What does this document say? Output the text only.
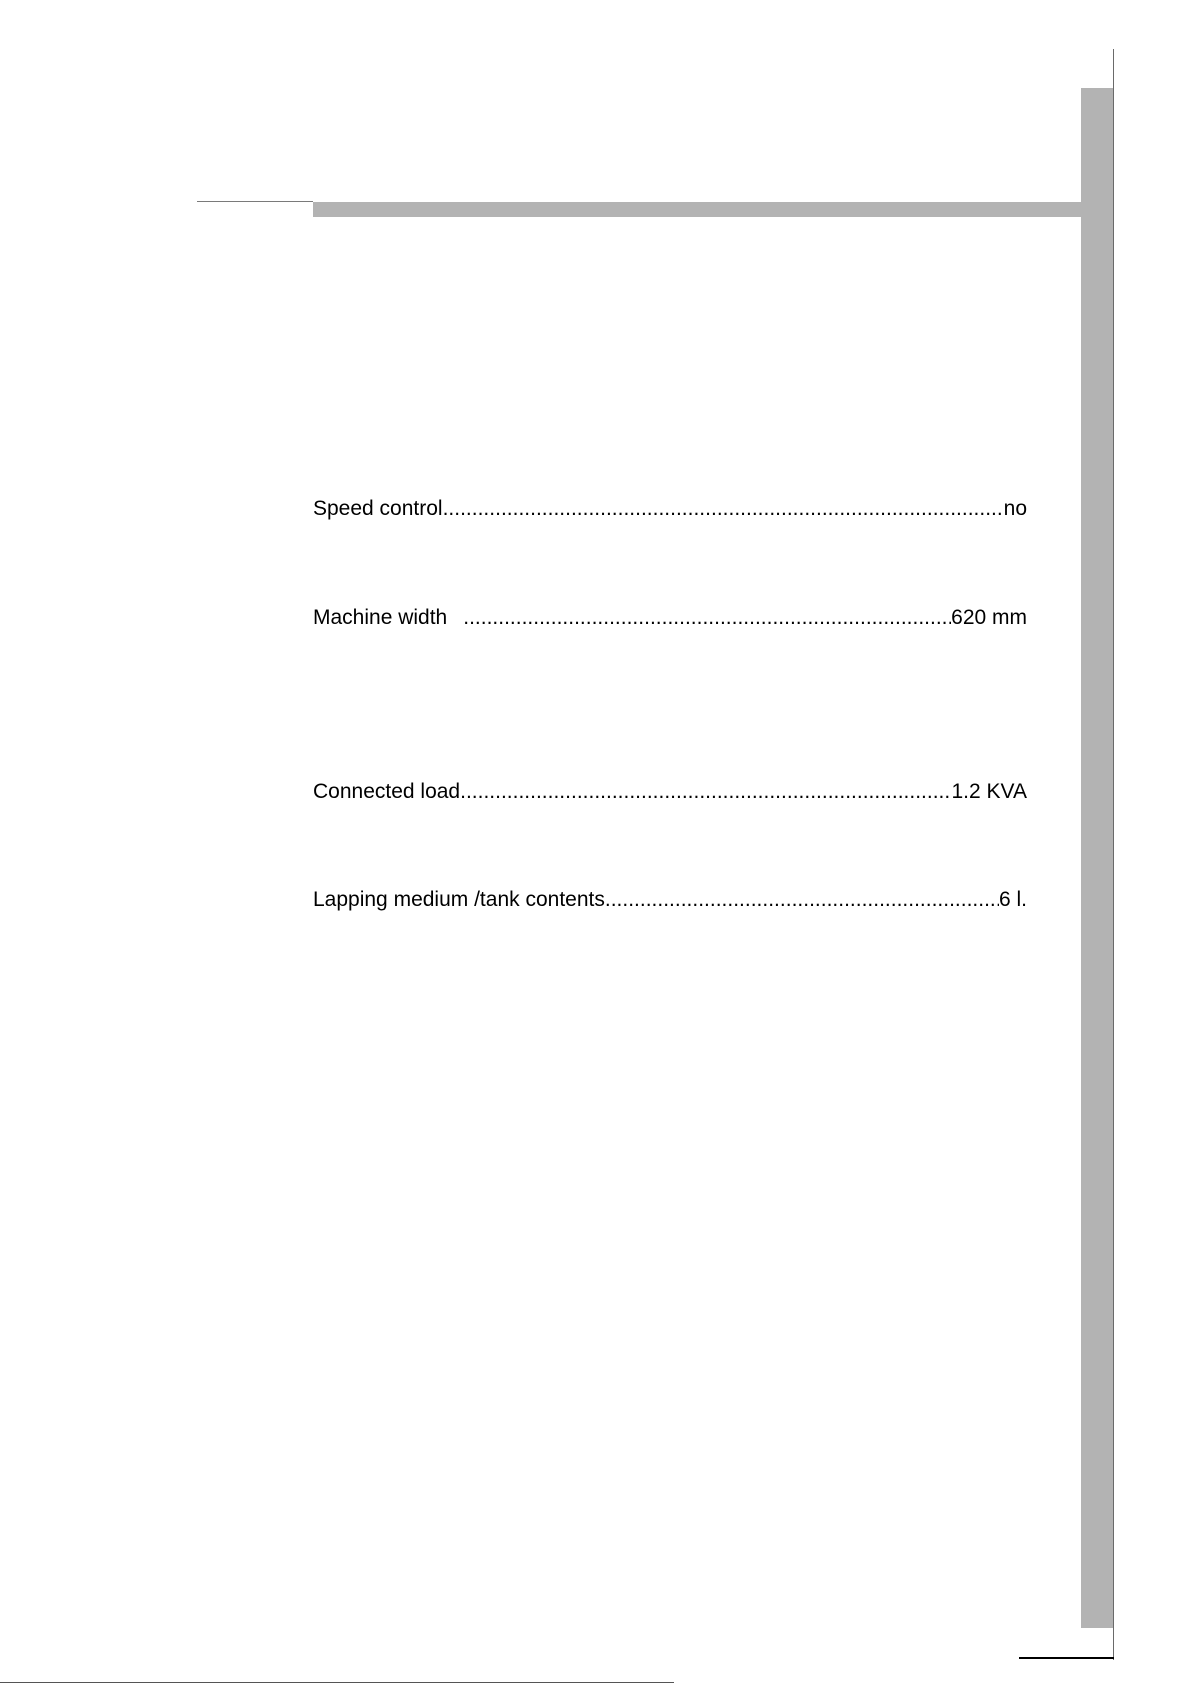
Speed control .....	no
Machine width .....	620 mm
Connected load .....	1.2 KVA
Lapping medium /tank contents .....	6 l.
